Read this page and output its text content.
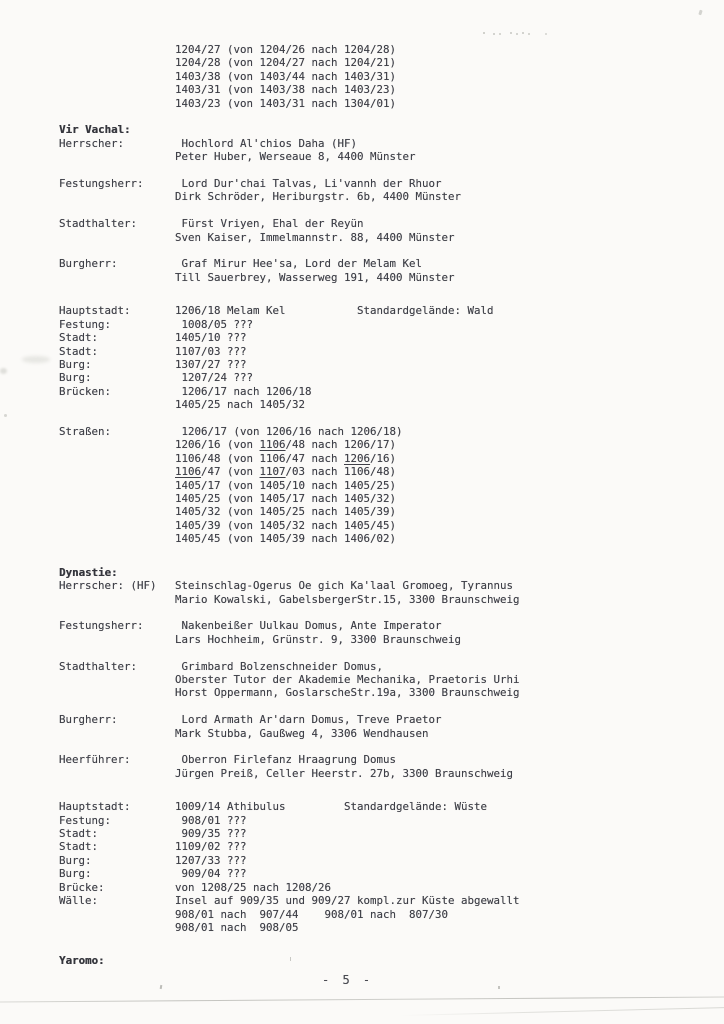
1204/27 (von 1204/26 nach 1204/28)
1204/28 (von 1204/27 nach 1204/21)
1403/38 (von 1403/44 nach 1403/31)
1403/31 (von 1403/38 nach 1403/23)
1403/23 (von 1403/31 nach 1304/01)
Vir Vachal:
Herrscher:	Hochlord Al'chios Daha (HF)
Peter Huber, Werseaue 8, 4400 Münster
Festungsherr:	Lord Dur'chai Talvas, Li'vannh der Rhuor
Dirk Schröder, Heriburgstr. 6b, 4400 Münster
Stadthalter:	Fürst Vriyen, Ehal der Reyün
Sven Kaiser, Immelmannstr. 88, 4400 Münster
Burgherr:	Graf Mirur Hee'sa, Lord der Melam Kel
Till Sauerbrey, Wasserweg 191, 4400 Münster
Hauptstadt:	1206/18 Melam Kel           Standardgelände: Wald
Festung:	1008/05 ???
Stadt:	1405/10 ???
Stadt:	1107/03 ???
Burg:	1307/27 ???
Burg:	1207/24 ???
Brücken:	1206/17 nach 1206/18
1405/25 nach 1405/32
Straßen:	1206/17 (von 1206/16 nach 1206/18)
1206/16 (von 1106/48 nach 1206/17)
1106/48 (von 1106/47 nach 1206/16)
1106/47 (von 1107/03 nach 1106/48)
1405/17 (von 1405/10 nach 1405/25)
1405/25 (von 1405/17 nach 1405/32)
1405/32 (von 1405/25 nach 1405/39)
1405/39 (von 1405/32 nach 1405/45)
1405/45 (von 1405/39 nach 1406/02)
Dynastie:
Herrscher: (HF)	Steinschlag-Ogerus Oe gich Ka'laal Gromoeg, Tyrannus
Mario Kowalski, GabelsbergerStr.15, 3300 Braunschweig
Festungsherr:	Nakenbeißer Uulkau Domus, Ante Imperator
Lars Hochheim, Grünstr. 9, 3300 Braunschweig
Stadthalter:	Grimbard Bolzenschneider Domus,
Oberster Tutor der Akademie Mechanika, Praetoris Urhi
Horst Oppermann, GoslarscheStr.19a, 3300 Braunschweig
Burgherr:	Lord Armath Ar'darn Domus, Treve Praetor
Mark Stubba, Gaußweg 4, 3306 Wendhausen
Heerführer:	Oberron Firlefanz Hraagrung Domus
Jürgen Preiß, Celler Heerstr. 27b, 3300 Braunschweig
Hauptstadt:	1009/14 Athibulus         Standardgelände: Wüste
Festung:	908/01 ???
Stadt:	909/35 ???
Stadt:	1109/02 ???
Burg:	1207/33 ???
Burg:	909/04 ???
Brücke:	von 1208/25 nach 1208/26
Wälle:	Insel auf 909/35 und 909/27 kompl.zur Küste abgewallt
908/01 nach  907/44    908/01 nach  807/30
908/01 nach  908/05
Yaromo:
- 5 -
